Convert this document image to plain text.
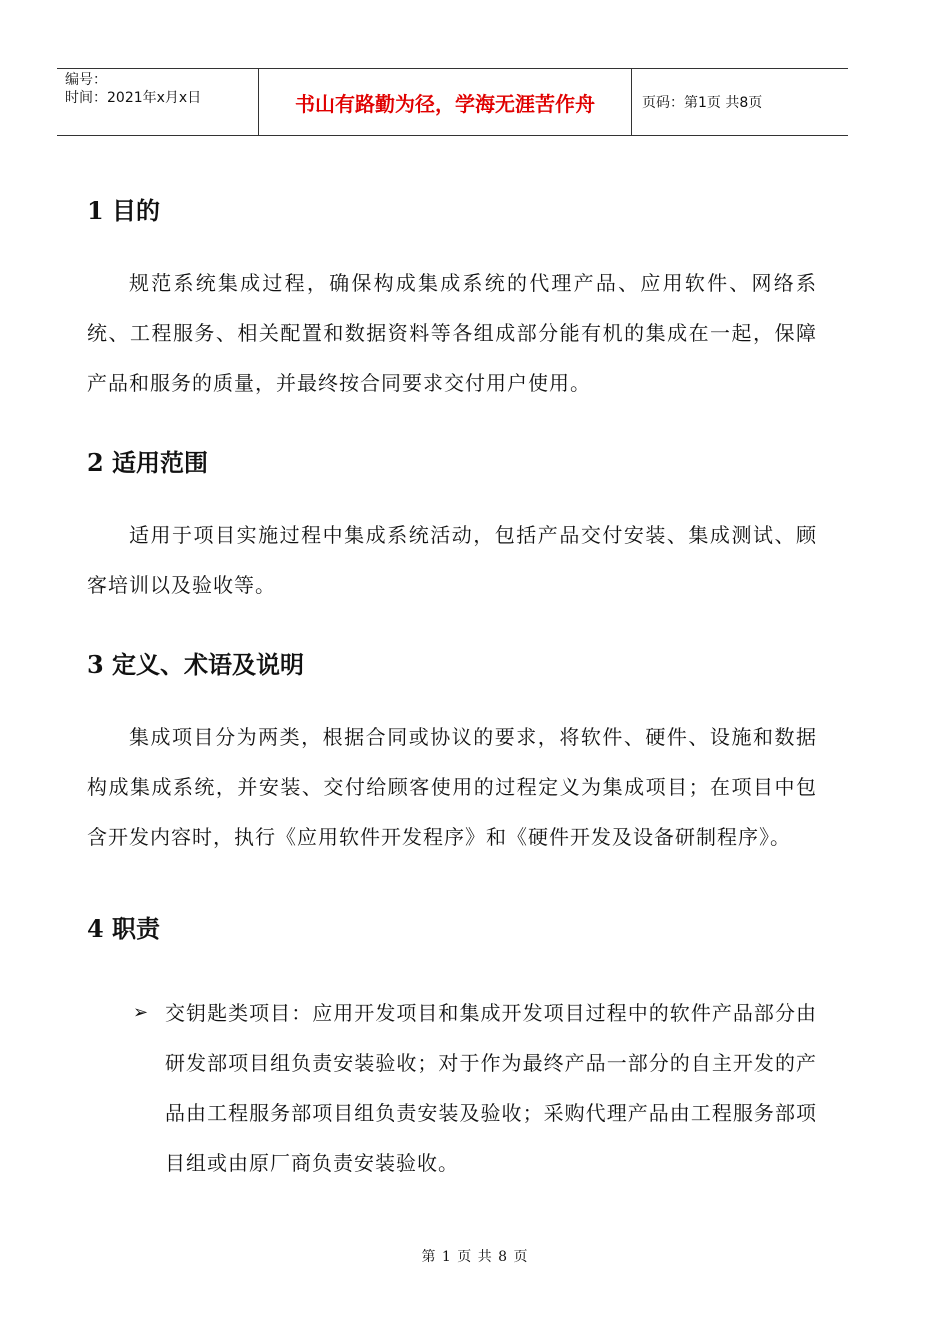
编号：
时间：2021年x月x日	书山有路勤为径，学海无涯苦作舟	页码：第1页 共8页
1 目的

规范系统集成过程，确保构成集成系统的代理产品、应用软件、网络系统、工程服务、相关配置和数据资料等各组成部分能有机的集成在一起，保障产品和服务的质量，并最终按合同要求交付用户使用。

2 适用范围

适用于项目实施过程中集成系统活动，包括产品交付安装、集成测试、顾客培训以及验收等。

3 定义、术语及说明

集成项目分为两类，根据合同或协议的要求，将软件、硬件、设施和数据构成集成系统，并安装、交付给顾客使用的过程定义为集成项目；在项目中包含开发内容时，执行《应用软件开发程序》和《硬件开发及设备研制程序》。

4 职责
➢ 交钥匙类项目：应用开发项目和集成开发项目过程中的软件产品部分由研发部项目组负责安装验收；对于作为最终产品一部分的自主开发的产品由工程服务部项目组负责安装及验收；采购代理产品由工程服务部项目组或由原厂商负责安装验收。
第 1 页 共 8 页
